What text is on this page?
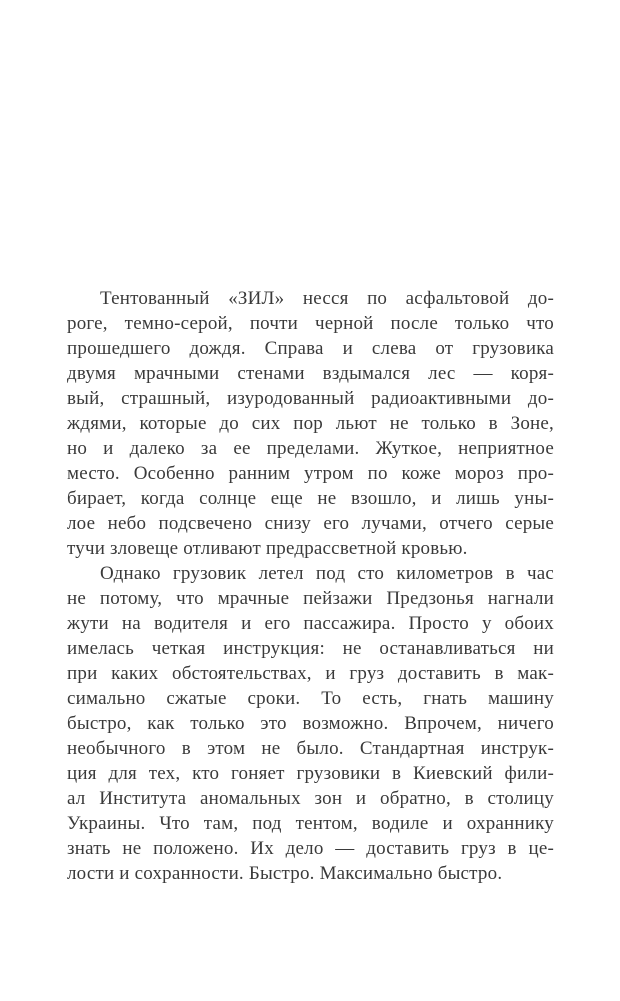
Тентованный «ЗИЛ» несся по асфальтовой до-
роге, темно-серой, почти черной после только что
прошедшего дождя. Справа и слева от грузовика
двумя мрачными стенами вздымался лес — коря-
вый, страшный, изуродованный радиоактивными до-
ждями, которые до сих пор льют не только в Зоне,
но и далеко за ее пределами. Жуткое, неприятное
место. Особенно ранним утром по коже мороз про-
бирает, когда солнце еще не взошло, и лишь уны-
лое небо подсвечено снизу его лучами, отчего серые
тучи зловеще отливают предрассветной кровью.
Однако грузовик летел под сто километров в час
не потому, что мрачные пейзажи Предзонья нагнали
жути на водителя и его пассажира. Просто у обоих
имелась четкая инструкция: не останавливаться ни
при каких обстоятельствах, и груз доставить в мак-
симально сжатые сроки. То есть, гнать машину
быстро, как только это возможно. Впрочем, ничего
необычного в этом не было. Стандартная инструк-
ция для тех, кто гоняет грузовики в Киевский фили-
ал Института аномальных зон и обратно, в столицу
Украины. Что там, под тентом, водиле и охраннику
знать не положено. Их дело — доставить груз в це-
лости и сохранности. Быстро. Максимально быстро.
